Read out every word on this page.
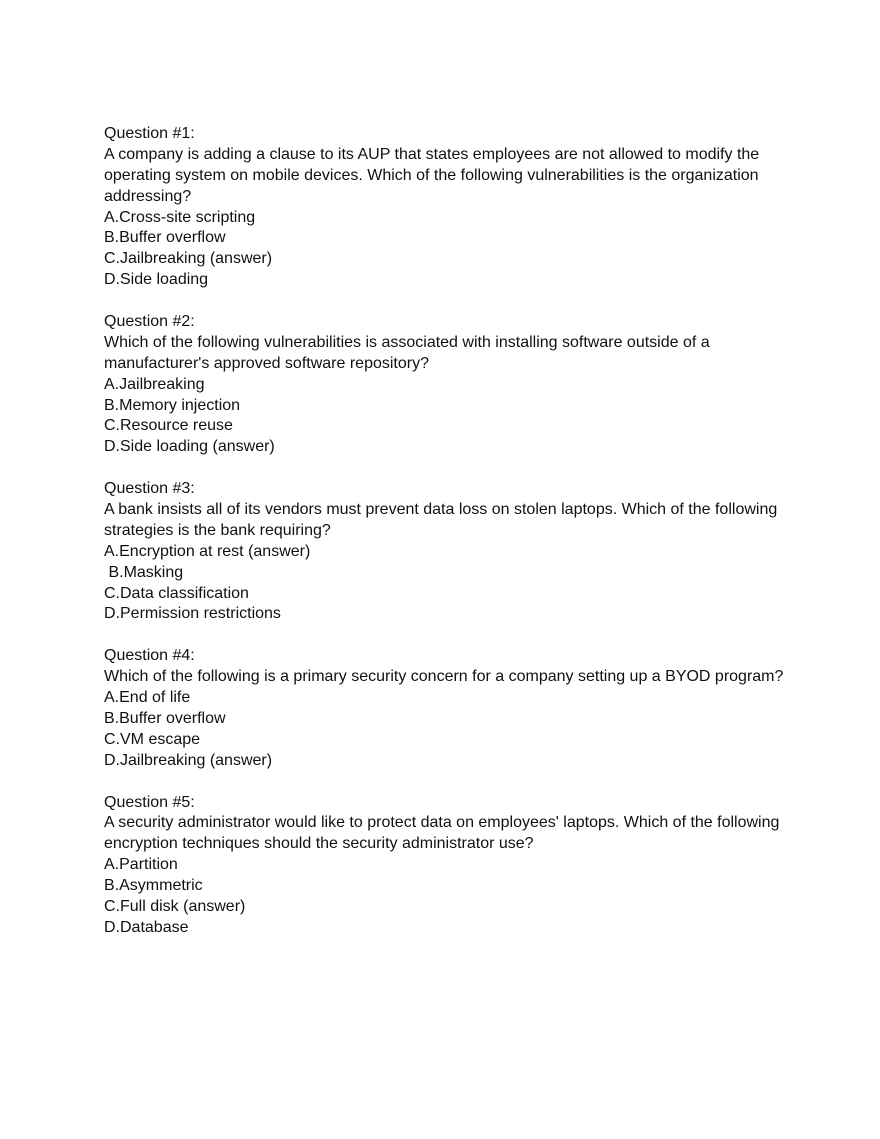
Question #1:
A company is adding a clause to its AUP that states employees are not allowed to modify the
operating system on mobile devices. Which of the following vulnerabilities is the organization
addressing?
A.Cross-site scripting
B.Buffer overflow
C.Jailbreaking (answer)
D.Side loading
Question #2:
Which of the following vulnerabilities is associated with installing software outside of a
manufacturer's approved software repository?
A.Jailbreaking
B.Memory injection
C.Resource reuse
D.Side loading (answer)
Question #3:
A bank insists all of its vendors must prevent data loss on stolen laptops. Which of the following
strategies is the bank requiring?
A.Encryption at rest (answer)
B.Masking
C.Data classification
D.Permission restrictions
Question #4:
Which of the following is a primary security concern for a company setting up a BYOD program?
A.End of life
B.Buffer overflow
C.VM escape
D.Jailbreaking (answer)
Question #5:
A security administrator would like to protect data on employees' laptops. Which of the following
encryption techniques should the security administrator use?
A.Partition
B.Asymmetric
C.Full disk (answer)
D.Database
